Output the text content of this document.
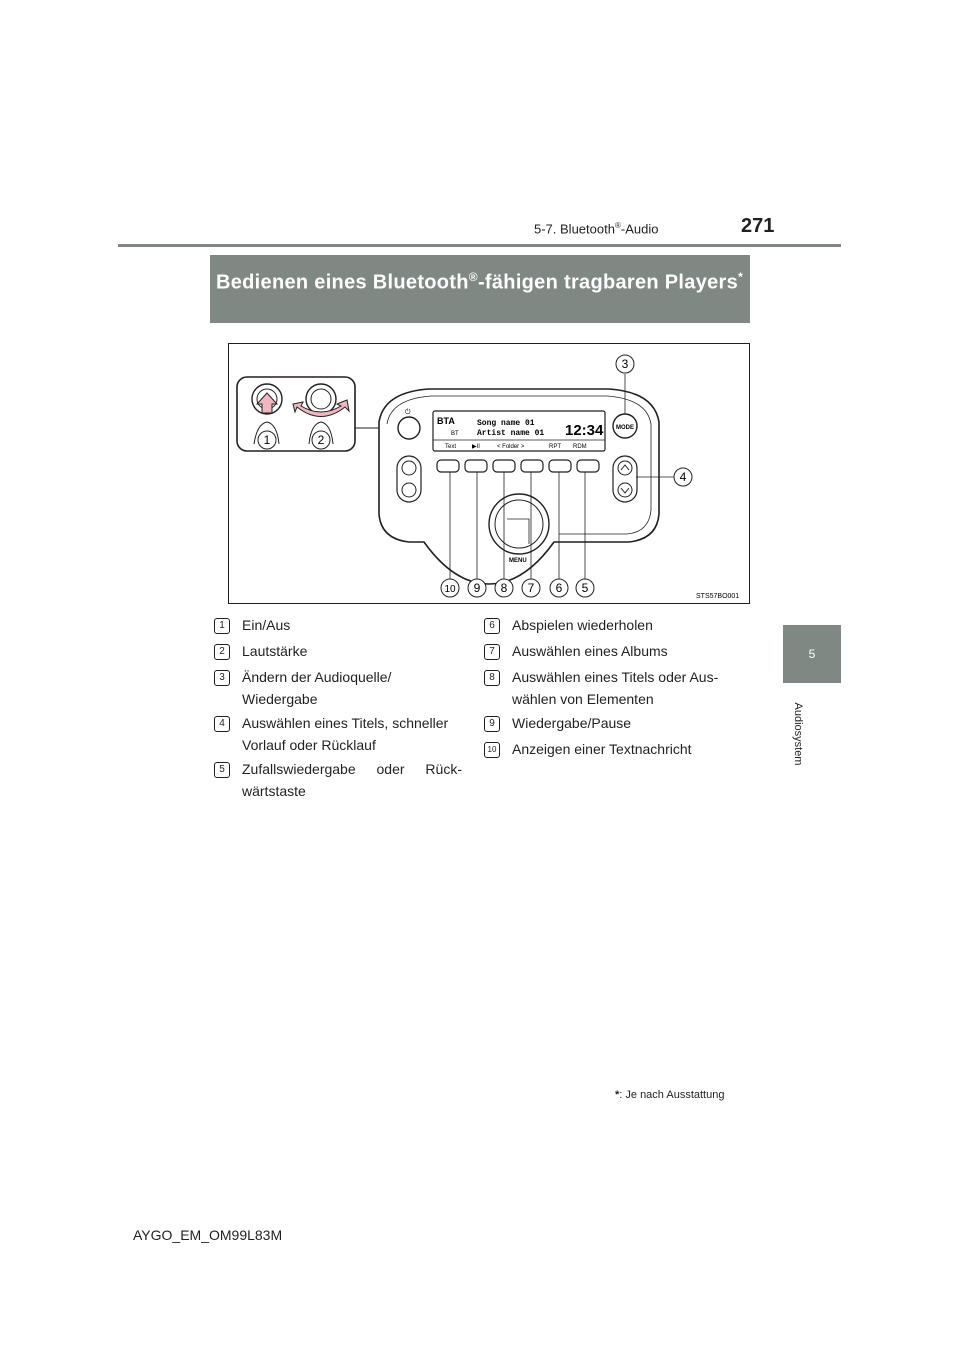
271
5-7. Bluetooth®-Audio
5
Audiosystem
Bedienen eines Bluetooth®-fähigen tragbaren Players*
⏻
BTA
BT
Song name 01
Artist name 01 12:34
Text	▶II	< Folder >	RPT RDM
MODE
MENU
1	2
3
4
5
6
7
8
9
10
STS57BO001
1	Ein/Aus
2	Lautstärke
3	Ändern der Audioquelle/ Wiedergabe
4	Auswählen eines Titels, schneller Vorlauf oder Rücklauf
5	Zufallswiedergabe oder Rück- wärtstaste
6	Abspielen wiederholen
7	Auswählen eines Albums
8	Auswählen eines Titels oder Aus- wählen von Elementen
9	Wiedergabe/Pause
10 Anzeigen einer Textnachricht
*: Je nach Ausstattung
AYGO_EM_OM99L83M
